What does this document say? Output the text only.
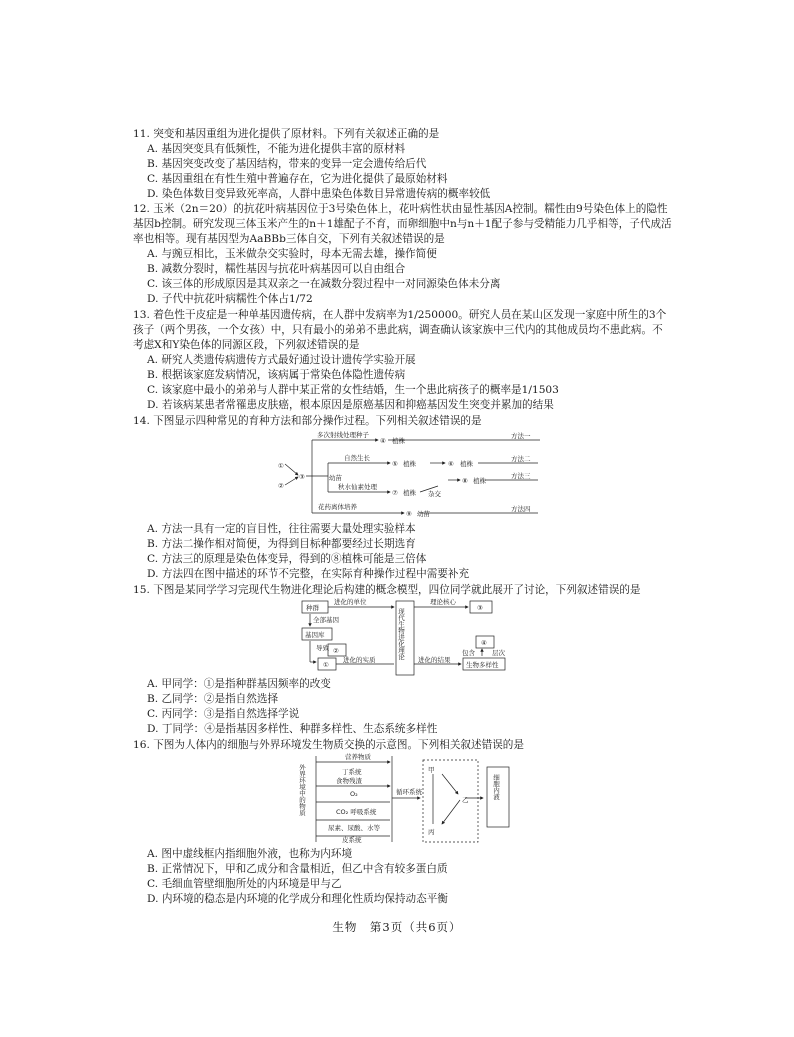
11. 突变和基因重组为进化提供了原材料。下列有关叙述正确的是

A. 基因突变具有低频性，不能为进化提供丰富的原材料

B. 基因突变改变了基因结构，带来的变异一定会遗传给后代

C. 基因重组在有性生殖中普遍存在，它为进化提供了最原始材料

D. 染色体数目变异致死率高，人群中患染色体数目异常遗传病的概率较低

12. 玉米（2n＝20）的抗花叶病基因位于3号染色体上，花叶病性状由显性基因A控制。糯性由9号染色体上的隐性基因b控制。研究发现三体玉米产生的n＋1雄配子不育，而卵细胞中n与n＋1配子参与受精能力几乎相等，子代成活率也相等。现有基因型为AaBBb三体自交，下列有关叙述错误的是

A. 与豌豆相比，玉米做杂交实验时，母本无需去雄，操作简便

B. 减数分裂时，糯性基因与抗花叶病基因可以自由组合

C. 该三体的形成原因是其双亲之一在减数分裂过程中一对同源染色体未分离

D. 子代中抗花叶病糯性个体占1/72

13. 着色性干皮症是一种单基因遗传病，在人群中发病率为1/250000。研究人员在某山区发现一家庭中所生的3个孩子（两个男孩，一个女孩）中，只有最小的弟弟不患此病，调查确认该家族中三代内的其他成员均不患此病。不考虑X和Y染色体的同源区段，下列叙述错误的是

A. 研究人类遗传病遗传方式最好通过设计遗传学实验开展

B. 根据该家庭发病情况，该病属于常染色体隐性遗传病

C. 该家庭中最小的弟弟与人群中某正常的女性结婚，生一个患此病孩子的概率是1/1503

D. 若该病某患者常罹患皮肤癌，根本原因是原癌基因和抑癌基因发生突变并累加的结果

14. 下图显示四种常见的育种方法和部分操作过程。下列相关叙述错误的是

①
②
③
多次射线处理种子
④ 植株
自然生长
⑤ 植株	⑥ 植株
幼苗
秋水仙素处理
⑦ 植株 杂交
⑧ 植株
花药离体培养
⑨ 幼苗
方法一
方法二
方法三
方法四

A. 方法一具有一定的盲目性，往往需要大量处理实验样本

B. 方法二操作相对简便，为得到目标种都要经过长期选育

C. 方法三的原理是染色体变异，得到的⑧植株可能是三倍体

D. 方法四在图中描述的环节不完整，在实际育种操作过程中需要补充

15. 下图是某同学学习完现代生物进化理论后构建的概念模型，四位同学就此展开了讨论，下列叙述错误的是

种群
进化的单位
全部基因
基因库
导致 ②
①
进化的实质	现代生物进化理论
理论核心
③
④
包含	层次
进化的结果
生物多样性

A. 甲同学：①是指种群基因频率的改变

B. 乙同学：②是指自然选择

C. 丙同学：③是指自然选择学说

D. 丁同学：④是指基因多样性、种群多样性、生态系统多样性

16. 下图为人体内的细胞与外界环境发生物质交换的示意图。下列相关叙述错误的是

外界环境中的物质
营养物质
丁系统
食物残渣
O₂
CO₂ 呼吸系统
尿素、尿酸、水等
皮系统
循环系统
甲
乙
丙
细胞内液

A. 图中虚线框内指细胞外液，也称为内环境

B. 正常情况下，甲和乙成分和含量相近，但乙中含有较多蛋白质

C. 毛细血管壁细胞所处的内环境是甲与乙

D. 内环境的稳态是内环境的化学成分和理化性质均保持动态平衡

生物　第3页（共6页）
